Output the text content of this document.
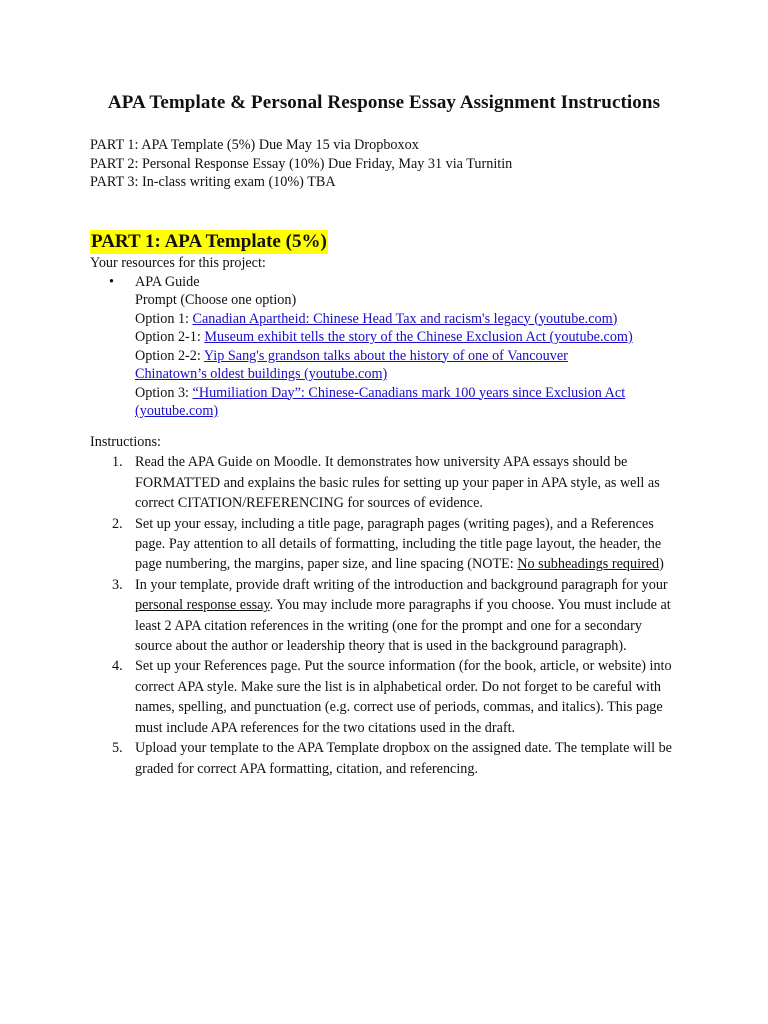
APA Template & Personal Response Essay Assignment Instructions
PART 1: APA Template (5%) Due May 15 via Dropboxox
PART 2: Personal Response Essay (10%) Due Friday, May 31 via Turnitin
PART 3: In-class writing exam (10%) TBA
PART 1: APA Template (5%)
Your resources for this project:
• APA Guide
Prompt (Choose one option)
Option 1: Canadian Apartheid: Chinese Head Tax and racism's legacy (youtube.com)
Option 2-1: Museum exhibit tells the story of the Chinese Exclusion Act (youtube.com)
Option 2-2: Yip Sang's grandson talks about the history of one of Vancouver
Chinatown’s oldest buildings (youtube.com)
Option 3: “Humiliation Day”: Chinese-Canadians mark 100 years since Exclusion Act
(youtube.com)
Instructions:
1. Read the APA Guide on Moodle. It demonstrates how university APA essays should be FORMATTED and explains the basic rules for setting up your paper in APA style, as well as correct CITATION/REFERENCING for sources of evidence.
2. Set up your essay, including a title page, paragraph pages (writing pages), and a References page. Pay attention to all details of formatting, including the title page layout, the header, the page numbering, the margins, paper size, and line spacing (NOTE: No subheadings required)
3. In your template, provide draft writing of the introduction and background paragraph for your personal response essay. You may include more paragraphs if you choose. You must include at least 2 APA citation references in the writing (one for the prompt and one for a secondary source about the author or leadership theory that is used in the background paragraph).
4. Set up your References page. Put the source information (for the book, article, or website) into correct APA style. Make sure the list is in alphabetical order. Do not forget to be careful with names, spelling, and punctuation (e.g. correct use of periods, commas, and italics). This page must include APA references for the two citations used in the draft.
5. Upload your template to the APA Template dropbox on the assigned date. The template will be graded for correct APA formatting, citation, and referencing.
